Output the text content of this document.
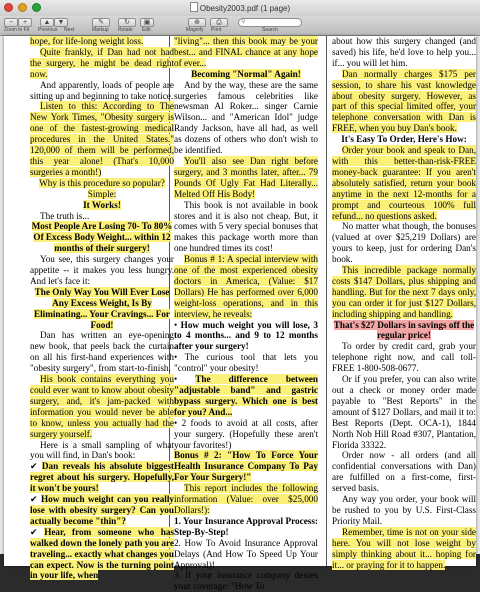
Obesity2003.pdf (1 page)
−	+
Zoom to Fit
▲	▼
Previous Next
✎
Markup
↻
Rotate
▣
Edit
⊕
Magnify
⎙
Print
⚲
Search

hope, for life-long weight loss.

Quite frankly, if Dan had not had the surgery, he might be dead right now.

And apparently, loads of people are sitting up and beginning to take notice.

Listen to this: According to The New York Times, "Obesity surgery is one of the fastest-growing medical procedures in the United States." 120,000 of them will be performed, this year alone! (That's 10,000 surgeries a month!)

Why is this procedure so popular? Simple:

It Works!

The truth is...

Most People Are Losing 70- To 80% Of Excess Body Weight... within 12 months of their surgery!

You see, this surgery changes your appetite -- it makes you less hungry. And let's face it:

The Only Way You Will Ever Lose Any Excess Weight, Is By Eliminating... Your Cravings... For Food!

Dan has written an eye-opening new book, that peels back the curtain on all his first-hand experiences with "obesity surgery", from start-to-finish.

His book contains everything you could ever want to know about obesity surgery, and, it's jam-packed with information you would never be able to know, unless you actually had the surgery yourself.

Here is a small sampling of what you will find, in Dan's book:

✔ Dan reveals his absolute biggest regret about his surgery. Hopefully, it won't be yours!

✔ How much weight can you really lose with obesity surgery? Can you actually become "thin"?

✔ Hear, from someone who has walked down the lonely path you are traveling... exactly what changes you can expect. Now is the turning point in your life, when

"living"... then this book may be your best... and FINAL chance at any hope of ever...

Becoming "Normal" Again!

And by the way, these are the same surgeries famous celebrities like newsman Al Roker... singer Carnie Wilson... and "American Idol" judge Randy Jackson, have all had, as well as dozens of others who don't wish to be identified.

You'll also see Dan right before surgery, and 3 months later, after... 79 Pounds Of Ugly Fat Had Literally... Melted Off His Body!

This book is not available in book stores and it is also not cheap. But, it comes with 5 very special bonuses that makes this package worth more than one hundred times its cost!

Bonus # 1: A special interview with one of the most experienced obesity doctors in America, (Value: $17 Dollars) He has performed over 6,000 weight-loss operations, and in this interview, he reveals:

• How much weight you will lose, 3 to 4 months... and 9 to 12 months after your surgery!

• The curious tool that lets you "control" your obesity!

• The difference between "adjustable band" and gastric bypass surgery. Which one is best for you? And...

• 2 foods to avoid at all costs, after your surgery. (Hopefully these aren't your favorites!)

Bonus # 2: "How To Force Your Health Insurance Company To Pay For Your Surgery!"

This report includes the following information (Value: over $25,000 Dollars!):

1. Your Insurance Approval Process: Step-By-Step!

2. How To Avoid Insurance Approval Delays (And How To Speed Up Your Approval)!

3. If your insurance company denies your coverage: "How To

about how this surgery changed (and saved) his life, he'd love to help you... if... you will let him.

Dan normally charges $175 per session, to share his vast knowledge about obesity surgery. However, as part of this special limited offer, your telephone conversation with Dan is FREE, when you buy Dan's book.

It's Easy To Order, Here's How:

Order your book and speak to Dan, with this better-than-risk-FREE money-back guarantee: If you aren't absolutely satisfied, return your book anytime in the next 12-months for a prompt and courteous 100% full refund... no questions asked.

No matter what though, the bonuses (valued at over $25,219 Dollars) are yours to keep, just for ordering Dan's book.

This incredible package normally costs $147 Dollars, plus shipping and handling. But for the next 7 days only, you can order it for just $127 Dollars, including shipping and handling.

That's $27 Dollars in savings off the regular price!

To order by credit card, grab your telephone right now, and call toll-FREE 1-800-508-0677.

Or if you prefer, you can also write out a check or money order made payable to "Best Reports" in the amount of $127 Dollars, and mail it to: Best Reports (Dept. OCA-1), 1844 North Nob Hill Road #307, Plantation, Florida 33322.

Order now - all orders (and all confidential conversations with Dan) are fulfilled on a first-come, first-served basis.

Any way you order, your book will be rushed to you by U.S. First-Class Priority Mail.

Remember, time is not on your side here. You will not lose weight by simply thinking about it... hoping for it... or praying for it to happen.
